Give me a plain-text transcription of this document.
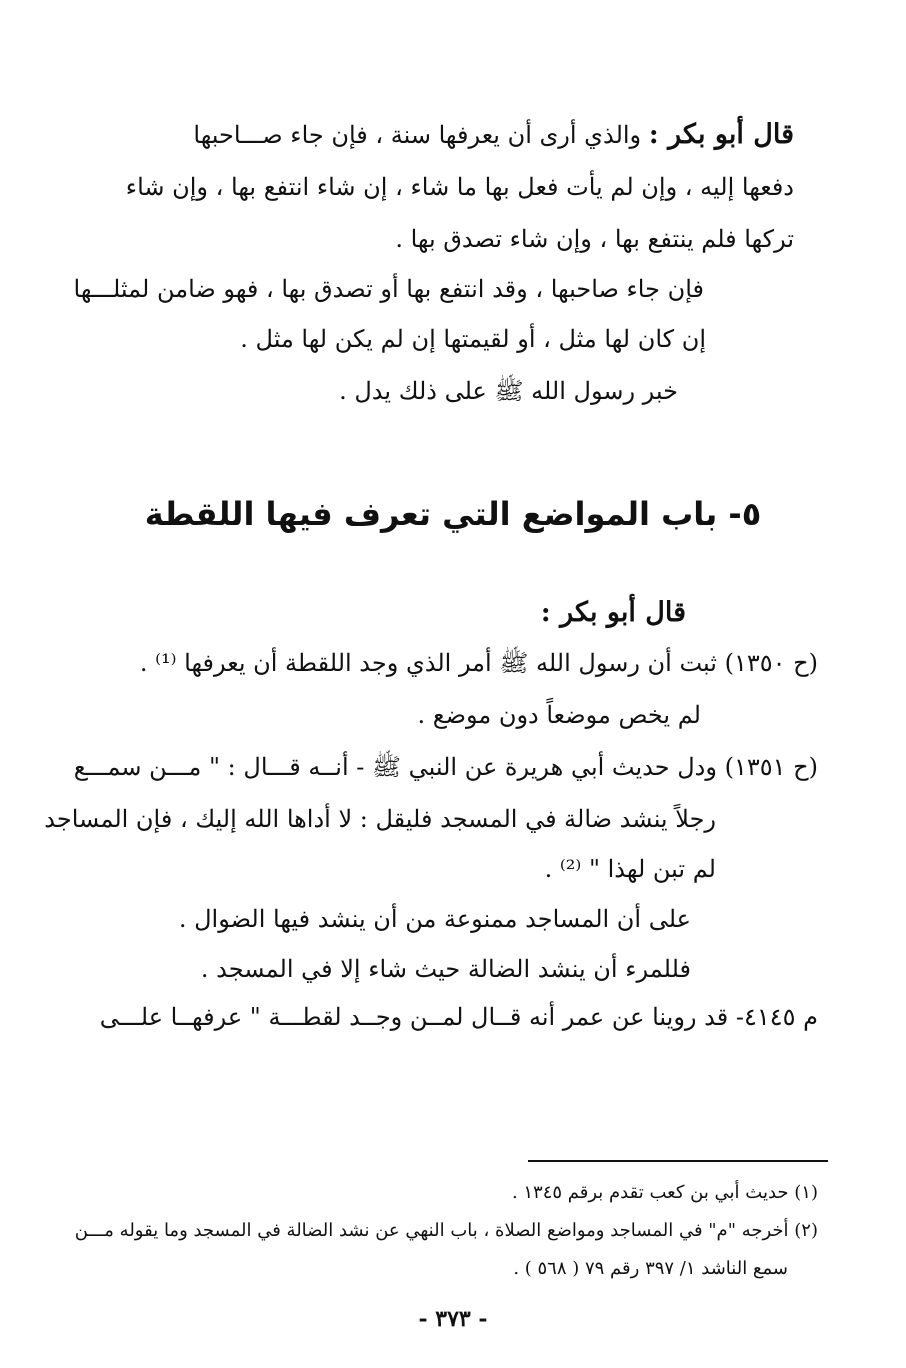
قال أبو بكر : والذي أرى أن يعرفها سنة ، فإن جاء صـــاحبها
دفعها إليه ، وإن لم يأت فعل بها ما شاء ، إن شاء انتفع بها ، وإن شاء
تركها فلم ينتفع بها ، وإن شاء تصدق بها .
فإن جاء صاحبها ، وقد انتفع بها أو تصدق بها ، فهو ضامن لمثلـــها
إن كان لها مثل ، أو لقيمتها إن لم يكن لها مثل .
خبر رسول الله ﷺ على ذلك يدل .
٥- باب المواضع التي تعرف فيها اللقطة
قال أبو بكر :
(ح ١٣٥٠) ثبت أن رسول الله ﷺ أمر الذي وجد اللقطة أن يعرفها ⁽¹⁾ .
لم يخص موضعاً دون موضع .
(ح ١٣٥١) ودل حديث أبي هريرة عن النبي ﷺ - أنــه قـــال : " مـــن سمـــع
رجلاً ينشد ضالة في المسجد فليقل : لا أداها الله إليك ، فإن المساجد
لم تبن لهذا " ⁽²⁾ .
على أن المساجد ممنوعة من أن ينشد فيها الضوال .
فللمرء أن ينشد الضالة حيث شاء إلا في المسجد .
م ٤١٤٥- قد روينا عن عمر أنه قــال لمــن وجــد لقطـــة " عرفهــا علـــى
(١) حديث أبي بن كعب تقدم برقم ١٣٤٥ .
(٢) أخرجه "م" في المساجد ومواضع الصلاة ، باب النهي عن نشد الضالة في المسجد وما يقوله مـــن
سمع الناشد ١/ ٣٩٧ رقم ٧٩ ( ٥٦٨ ) .
- ٣٧٣ -
